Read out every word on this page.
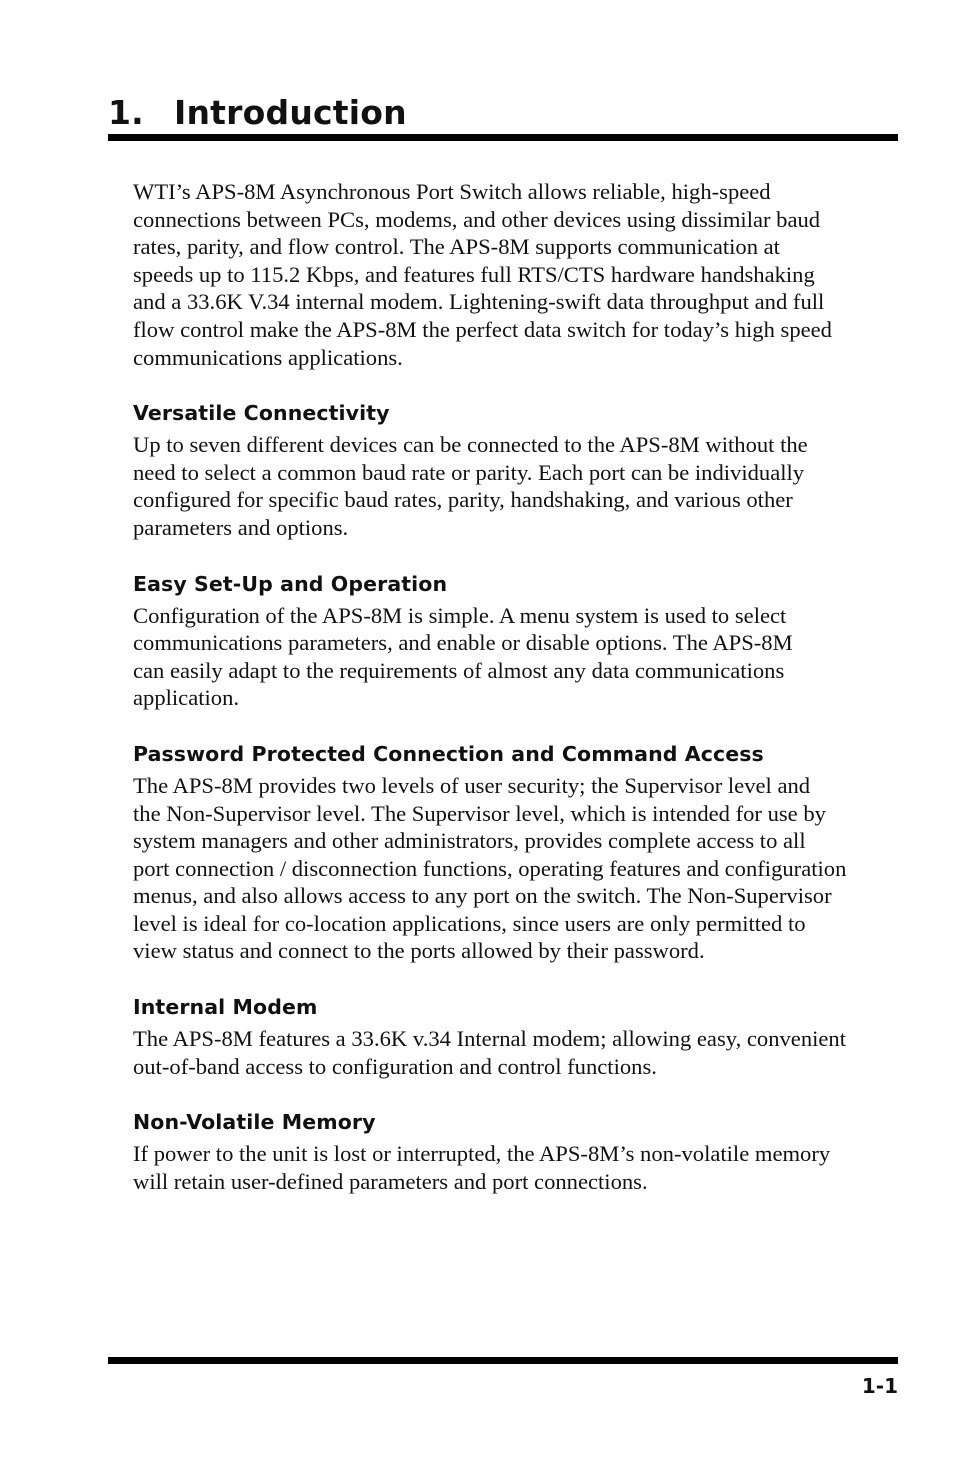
1. Introduction

WTI’s APS-8M Asynchronous Port Switch allows reliable, high-speed
connections between PCs, modems, and other devices using dissimilar baud
rates, parity, and flow control. The APS-8M supports communication at
speeds up to 115.2 Kbps, and features full RTS/CTS hardware handshaking
and a 33.6K V.34 internal modem. Lightening-swift data throughput and full
flow control make the APS-8M the perfect data switch for today’s high speed
communications applications.

Versatile Connectivity

Up to seven different devices can be connected to the APS-8M without the
need to select a common baud rate or parity. Each port can be individually
configured for specific baud rates, parity, handshaking, and various other
parameters and options.

Easy Set-Up and Operation

Configuration of the APS-8M is simple. A menu system is used to select
communications parameters, and enable or disable options. The APS-8M
can easily adapt to the requirements of almost any data communications
application.

Password Protected Connection and Command Access

The APS-8M provides two levels of user security; the Supervisor level and
the Non-Supervisor level. The Supervisor level, which is intended for use by
system managers and other administrators, provides complete access to all
port connection / disconnection functions, operating features and configuration
menus, and also allows access to any port on the switch. The Non-Supervisor
level is ideal for co-location applications, since users are only permitted to
view status and connect to the ports allowed by their password.

Internal Modem

The APS-8M features a 33.6K v.34 Internal modem; allowing easy, convenient
out-of-band access to configuration and control functions.

Non-Volatile Memory

If power to the unit is lost or interrupted, the APS-8M’s non-volatile memory
will retain user-defined parameters and port connections.

1-1
